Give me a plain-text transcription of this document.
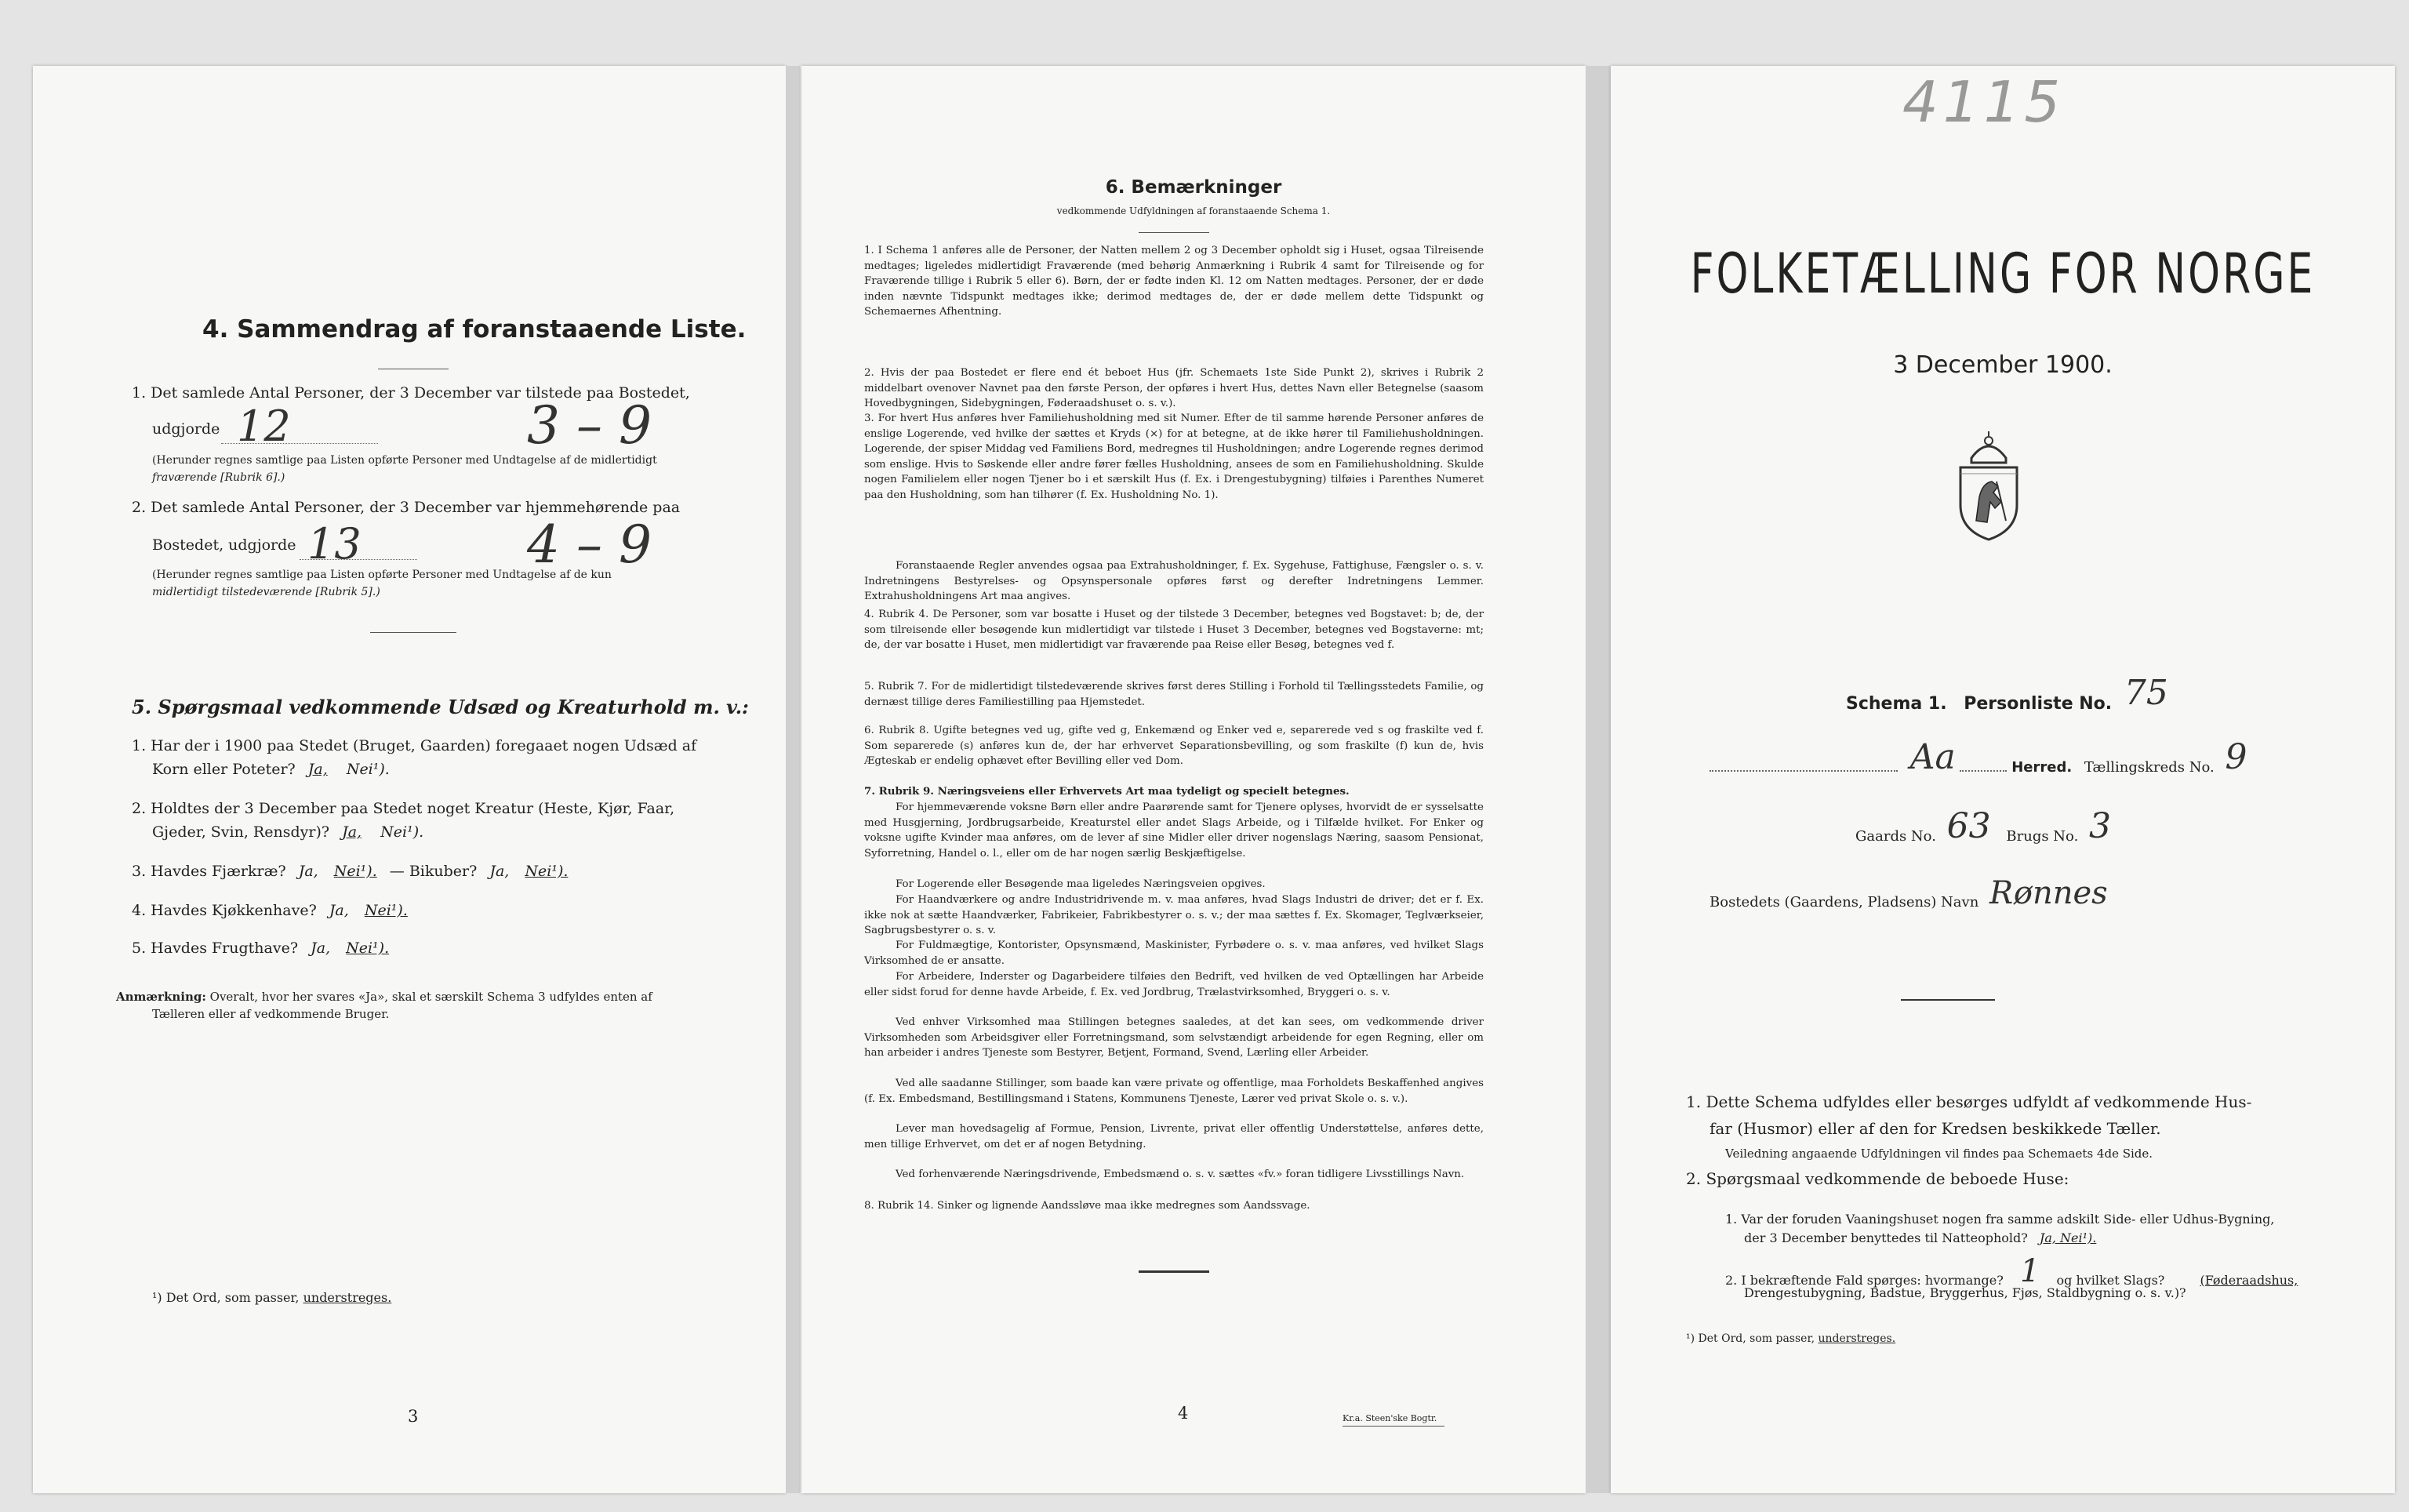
4. Sammendrag af foranstaaende Liste.
1. Det samlede Antal Personer, der 3 December var tilstede paa Bostedet,
udgjorde 12	3 – 9
(Herunder regnes samtlige paa Listen opførte Personer med Undtagelse af de midlertidigt
fraværende [Rubrik 6].)
2. Det samlede Antal Personer, der 3 December var hjemmehørende paa
Bostedet, udgjorde 13	4 – 9
(Herunder regnes samtlige paa Listen opførte Personer med Undtagelse af de kun
midlertidigt tilstedeværende [Rubrik 5].)
5. Spørgsmaal vedkommende Udsæd og Kreaturhold m. v.:
1. Har der i 1900 paa Stedet (Bruget, Gaarden) foregaaet nogen Udsæd af
Korn eller Poteter? Ja, Nei¹).
2. Holdtes der 3 December paa Stedet noget Kreatur (Heste, Kjør, Faar,
Gjeder, Svin, Rensdyr)? Ja, Nei¹).
3. Havdes Fjærkræ? Ja, Nei¹). — Bikuber? Ja, Nei¹).
4. Havdes Kjøkkenhave? Ja, Nei¹).
5. Havdes Frugthave? Ja, Nei¹).
Anmærkning: Overalt, hvor her svares «Ja», skal et særskilt Schema 3 udfyldes enten af
Tælleren eller af vedkommende Bruger.
¹) Det Ord, som passer, understreges.
3
6. Bemærkninger
vedkommende Udfyldningen af foranstaaende Schema 1.
1. I Schema 1 anføres alle de Personer, der Natten mellem 2 og 3 December opholdt sig i Huset, ogsaa Tilreisende medtages; ligeledes midlertidigt Fraværende (med behørig Anmærkning i Rubrik 4 samt for Tilreisende og for Fraværende tillige i Rubrik 5 eller 6). Børn, der er fødte inden Kl. 12 om Natten medtages. Personer, der er døde inden nævnte Tidspunkt medtages ikke; derimod medtages de, der er døde mellem dette Tidspunkt og Schemaernes Afhentning.
2. Hvis der paa Bostedet er flere end ét beboet Hus (jfr. Schemaets 1ste Side Punkt 2), skrives i Rubrik 2 middelbart ovenover Navnet paa den første Person, der opføres i hvert Hus, dettes Navn eller Betegnelse (saasom Hovedbygningen, Sidebygningen, Føderaadshuset o. s. v.).
3. For hvert Hus anføres hver Familiehusholdning med sit Numer. Efter de til samme hørende Personer anføres de enslige Logerende, ved hvilke der sættes et Kryds (×) for at betegne, at de ikke hører til Familiehusholdningen. Logerende, der spiser Middag ved Familiens Bord, medregnes til Husholdningen; andre Logerende regnes derimod som enslige. Hvis to Søskende eller andre fører fælles Husholdning, ansees de som en Familiehusholdning. Skulde nogen Familielem eller nogen Tjener bo i et særskilt Hus (f. Ex. i Drengestubygning) tilføies i Parenthes Numeret paa den Husholdning, som han tilhører (f. Ex. Husholdning No. 1).
Foranstaaende Regler anvendes ogsaa paa Extrahusholdninger, f. Ex. Sygehuse, Fattighuse, Fængsler o. s. v. Indretningens Bestyrelses- og Opsynspersonale opføres først og derefter Indretningens Lemmer. Extrahusholdningens Art maa angives.
4. Rubrik 4. De Personer, som var bosatte i Huset og der tilstede 3 December, betegnes ved Bogstavet: b; de, der som tilreisende eller besøgende kun midlertidigt var tilstede i Huset 3 December, betegnes ved Bogstaverne: mt; de, der var bosatte i Huset, men midlertidigt var fraværende paa Reise eller Besøg, betegnes ved f.
5. Rubrik 7. For de midlertidigt tilstedeværende skrives først deres Stilling i Forhold til Tællingsstedets Familie, og dernæst tillige deres Familiestilling paa Hjemstedet.
6. Rubrik 8. Ugifte betegnes ved ug, gifte ved g, Enkemænd og Enker ved e, separerede ved s og fraskilte ved f. Som separerede (s) anføres kun de, der har erhvervet Separationsbevilling, og som fraskilte (f) kun de, hvis Ægteskab er endelig ophævet efter Bevilling eller ved Dom.
7. Rubrik 9. Næringsveiens eller Erhvervets Art maa tydeligt og specielt betegnes.
For hjemmeværende voksne Børn eller andre Paarørende samt for Tjenere oplyses, hvorvidt de er sysselsatte med Husgjerning, Jordbrugsarbeide, Kreaturstel eller andet Slags Arbeide, og i Tilfælde hvilket. For Enker og voksne ugifte Kvinder maa anføres, om de lever af sine Midler eller driver nogenslags Næring, saasom Pensionat, Syforretning, Handel o. l., eller om de har nogen særlig Beskjæftigelse.
For Logerende eller Besøgende maa ligeledes Næringsveien opgives.
For Haandværkere og andre Industridrivende m. v. maa anføres, hvad Slags Industri de driver; det er f. Ex. ikke nok at sætte Haandværker, Fabrikeier, Fabrikbestyrer o. s. v.; der maa sættes f. Ex. Skomager, Teglværkseier, Sagbrugsbestyrer o. s. v.
For Fuldmægtige, Kontorister, Opsynsmænd, Maskinister, Fyrbødere o. s. v. maa anføres, ved hvilket Slags Virksomhed de er ansatte.
For Arbeidere, Inderster og Dagarbeidere tilføies den Bedrift, ved hvilken de ved Optællingen har Arbeide eller sidst forud for denne havde Arbeide, f. Ex. ved Jordbrug, Trælastvirksomhed, Bryggeri o. s. v.
Ved enhver Virksomhed maa Stillingen betegnes saaledes, at det kan sees, om vedkommende driver Virksomheden som Arbeidsgiver eller Forretningsmand, som selvstændigt arbeidende for egen Regning, eller om han arbeider i andres Tjeneste som Bestyrer, Betjent, Formand, Svend, Lærling eller Arbeider.
Ved alle saadanne Stillinger, som baade kan være private og offentlige, maa Forholdets Beskaffenhed angives (f. Ex. Embedsmand, Bestillingsmand i Statens, Kommunens Tjeneste, Lærer ved privat Skole o. s. v.).
Lever man hovedsagelig af Formue, Pension, Livrente, privat eller offentlig Understøttelse, anføres dette, men tillige Erhvervet, om det er af nogen Betydning.
Ved forhenværende Næringsdrivende, Embedsmænd o. s. v. sættes «fv.» foran tidligere Livsstillings Navn.
8. Rubrik 14. Sinker og lignende Aandssløve maa ikke medregnes som Aandssvage.
4	Kr.a. Steen'ske Bogtr.
4115
FOLKETÆLLING FOR NORGE
3 December 1900.
Schema 1. Personliste No. 75
Aa	Herred. Tællingskreds No. 9
Gaards No. 63 Brugs No. 3
Bostedets (Gaardens, Pladsens) Navn Rønnes
1. Dette Schema udfyldes eller besørges udfyldt af vedkommende Hus-
far (Husmor) eller af den for Kredsen beskikkede Tæller.
Veiledning angaaende Udfyldningen vil findes paa Schemaets 4de Side.
2. Spørgsmaal vedkommende de beboede Huse:
1. Var der foruden Vaaningshuset nogen fra samme adskilt Side- eller Udhus-Bygning,
der 3 December benyttedes til Natteophold? Ja, Nei¹).
2. I bekræftende Fald spørges: hvormange? 1 og hvilket Slags?	(Føderaadshus,
Drengestubygning, Badstue, Bryggerhus, Fjøs, Staldbygning o. s. v.)?
¹) Det Ord, som passer, understreges.
